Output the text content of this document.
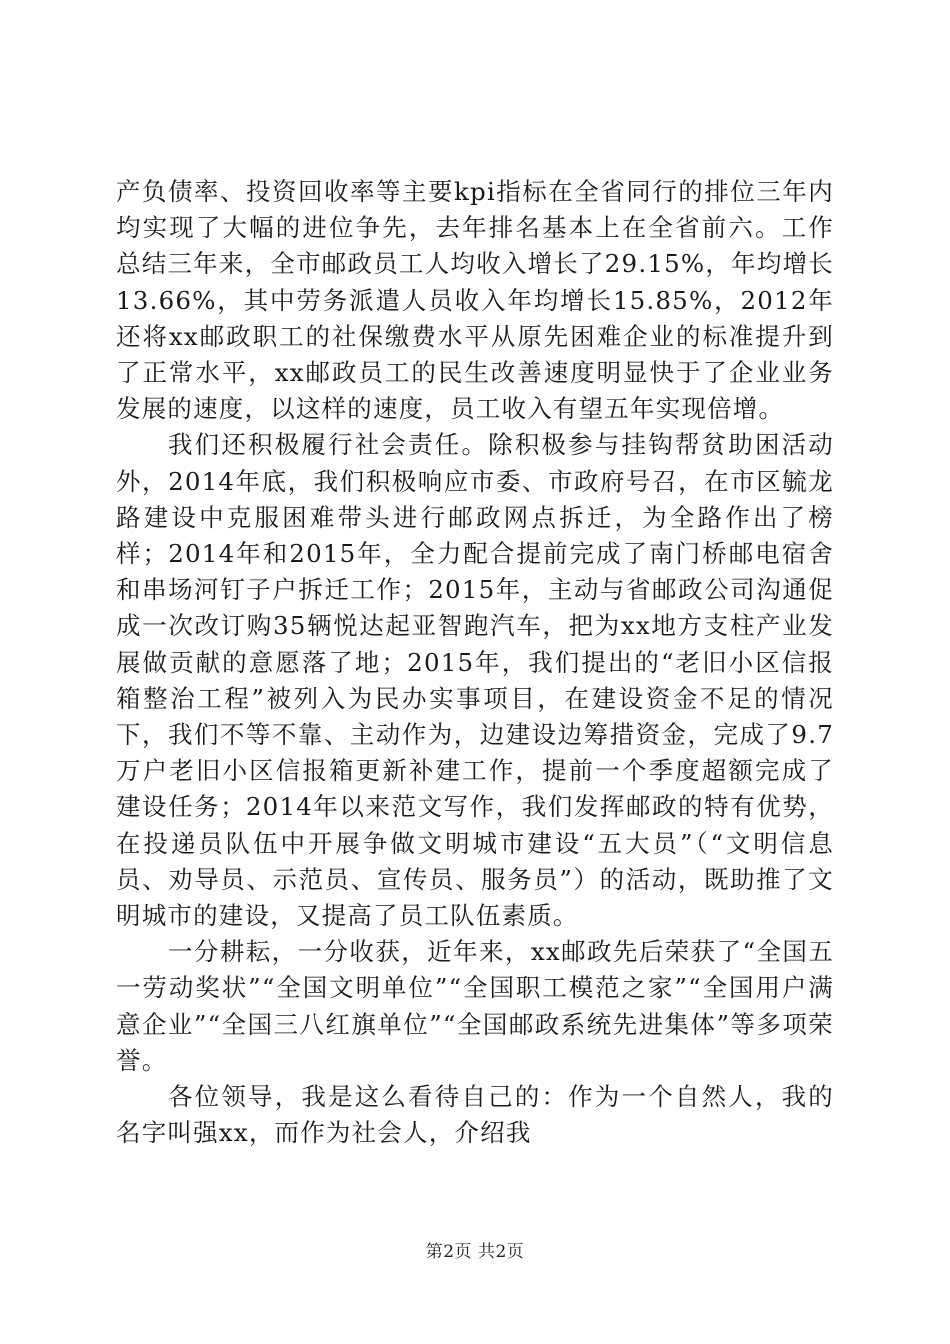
产负债率、投资回收率等主要kpi指标在全省同行的排位三年内均实现了大幅的进位争先，去年排名基本上在全省前六。工作总结三年来，全市邮政员工人均收入增长了29.15%，年均增长13.66%，其中劳务派遣人员收入年均增长15.85%，2012年还将xx邮政职工的社保缴费水平从原先困难企业的标准提升到了正常水平，xx邮政员工的民生改善速度明显快于了企业业务发展的速度，以这样的速度，员工收入有望五年实现倍增。

我们还积极履行社会责任。除积极参与挂钩帮贫助困活动外，2014年底，我们积极响应市委、市政府号召，在市区毓龙路建设中克服困难带头进行邮政网点拆迁，为全路作出了榜样；2014年和2015年，全力配合提前完成了南门桥邮电宿舍和串场河钉子户拆迁工作；2015年，主动与省邮政公司沟通促成一次改订购35辆悦达起亚智跑汽车，把为xx地方支柱产业发展做贡献的意愿落了地；2015年，我们提出的“老旧小区信报箱整治工程”被列入为民办实事项目，在建设资金不足的情况下，我们不等不靠、主动作为，边建设边筹措资金，完成了9.7万户老旧小区信报箱更新补建工作，提前一个季度超额完成了建设任务；2014年以来范文写作，我们发挥邮政的特有优势，在投递员队伍中开展争做文明城市建设“五大员”（“文明信息员、劝导员、示范员、宣传员、服务员”）的活动，既助推了文明城市的建设，又提高了员工队伍素质。

一分耕耘，一分收获，近年来，xx邮政先后荣获了“全国五一劳动奖状”“全国文明单位”“全国职工模范之家”“全国用户满意企业”“全国三八红旗单位”“全国邮政系统先进集体”等多项荣誉。

各位领导，我是这么看待自己的：作为一个自然人，我的名字叫强xx，而作为社会人，介绍我

第2页 共2页
